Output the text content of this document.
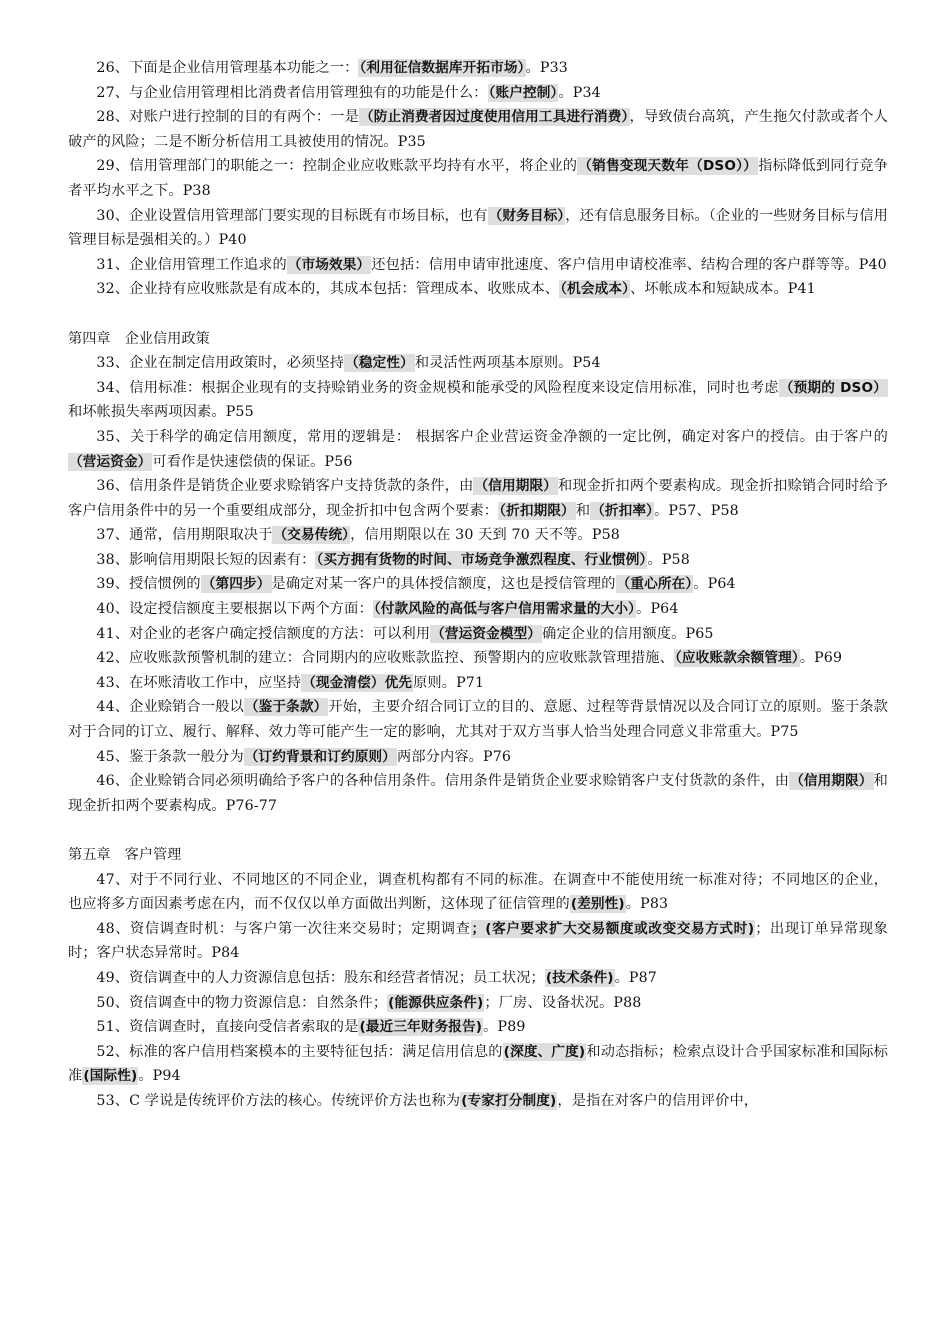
26、下面是企业信用管理基本功能之一：（利用征信数据库开拓市场）。P33

27、与企业信用管理相比消费者信用管理独有的功能是什么：（账户控制）。P34

28、对账户进行控制的目的有两个：一是（防止消费者因过度使用信用工具进行消费），导致债台高筑，产生拖欠付款或者个人破产的风险；二是不断分析信用工具被使用的情况。P35

29、信用管理部门的职能之一：控制企业应收账款平均持有水平，将企业的（销售变现天数年（DSO））指标降低到同行竞争者平均水平之下。P38

30、企业设置信用管理部门要实现的目标既有市场目标，也有（财务目标），还有信息服务目标。（企业的一些财务目标与信用管理目标是强相关的。）P40

31、企业信用管理工作追求的（市场效果）还包括：信用申请审批速度、客户信用申请校准率、结构合理的客户群等等。P40

32、企业持有应收账款是有成本的，其成本包括：管理成本、收账成本、（机会成本）、坏帐成本和短缺成本。P41

第四章 企业信用政策

33、企业在制定信用政策时，必须坚持（稳定性）和灵活性两项基本原则。P54

34、信用标准：根据企业现有的支持赊销业务的资金规模和能承受的风险程度来设定信用标准，同时也考虑（预期的 DSO）和坏帐损失率两项因素。P55

35、关于科学的确定信用额度，常用的逻辑是： 根据客户企业营运资金净额的一定比例，确定对客户的授信。由于客户的（营运资金）可看作是快速偿债的保证。P56

36、信用条件是销货企业要求赊销客户支持货款的条件，由（信用期限）和现金折扣两个要素构成。现金折扣赊销合同时给予客户信用条件中的另一个重要组成部分，现金折扣中包含两个要素：（折扣期限）和（折扣率）。P57、P58

37、通常，信用期限取决于（交易传统），信用期限以在 30 天到 70 天不等。P58

38、影响信用期限长短的因素有：（买方拥有货物的时间、市场竞争激烈程度、行业惯例）。P58

39、授信惯例的（第四步）是确定对某一客户的具体授信额度，这也是授信管理的（重心所在）。P64

40、设定授信额度主要根据以下两个方面：（付款风险的高低与客户信用需求量的大小）。P64

41、对企业的老客户确定授信额度的方法：可以利用（营运资金模型）确定企业的信用额度。P65

42、应收账款预警机制的建立：合同期内的应收账款监控、预警期内的应收账款管理措施、（应收账款余额管理）。P69

43、在坏账清收工作中，应坚持（现金清偿）优先原则。P71

44、企业赊销合一般以（鉴于条款）开始，主要介绍合同订立的目的、意愿、过程等背景情况以及合同订立的原则。鉴于条款对于合同的订立、履行、解释、效力等可能产生一定的影响，尤其对于双方当事人恰当处理合同意义非常重大。P75

45、鉴于条款一般分为（订约背景和订约原则）两部分内容。P76

46、企业赊销合同必须明确给予客户的各种信用条件。信用条件是销货企业要求赊销客户支付货款的条件，由（信用期限）和现金折扣两个要素构成。P76-77

第五章 客户管理

47、对于不同行业、不同地区的不同企业，调查机构都有不同的标准。在调查中不能使用统一标准对待；不同地区的企业，也应将多方面因素考虑在内，而不仅仅以单方面做出判断，这体现了征信管理的(差别性)。P83

48、资信调查时机：与客户第一次往来交易时；定期调查；(客户要求扩大交易额度或改变交易方式时)；出现订单异常现象时；客户状态异常时。P84

49、资信调查中的人力资源信息包括：股东和经营者情况；员工状况；(技术条件)。P87

50、资信调查中的物力资源信息：自然条件；(能源供应条件)；厂房、设备状况。P88

51、资信调查时，直接向受信者索取的是(最近三年财务报告)。P89

52、标准的客户信用档案模本的主要特征包括：满足信用信息的(深度、广度)和动态指标；检索点设计合乎国家标准和国际标准(国际性)。P94

53、C 学说是传统评价方法的核心。传统评价方法也称为(专家打分制度)，是指在对客户的信用评价中，
